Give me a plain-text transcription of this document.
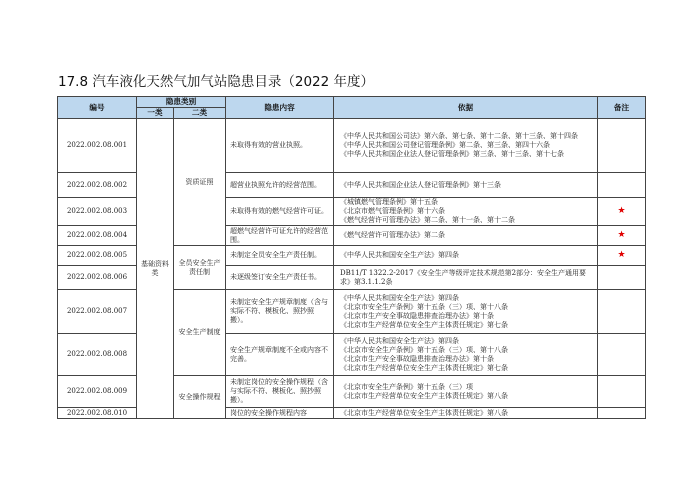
17.8 汽车液化天然气加气站隐患目录（2022 年度）
编号	隐患类别		隐患内容	依据	备注
	一类	二类			
2022.002.08.001	基础资料类	资质证照	未取得有效的营业执照。	《中华人民共和国公司法》第六条、第七条、第十二条、第十三条、第十四条
《中华人民共和国公司登记管理条例》第二条、第三条、第四十六条
《中华人民共和国企业法人登记管理条例》第三条、第十三条、第十七条	

2022.002.08.002			超营业执照允许的经营范围。	《中华人民共和国企业法人登记管理条例》第十三条	

2022.002.08.003			未取得有效的燃气经营许可证。	《城镇燃气管理条例》第十五条
《北京市燃气管理条例》第十六条
《燃气经营许可管理办法》第二条、第十一条、第十二条	★
2022.002.08.004			超燃气经营许可证允许的经营范围。	《燃气经营许可管理办法》第二条	★
2022.002.08.005		全员安全生产责任制	未制定全员安全生产责任制。	《中华人民共和国安全生产法》第四条	★
2022.002.08.006			未逐级签订安全生产责任书。	DB11/T 1322.2-2017《安全生产等级评定技术规范第2部分：安全生产通用要求》第3.1.1.2条	
2022.002.08.007		安全生产制度	未制定安全生产规章制度（含与实际不符、模板化、照抄照搬）。	《中华人民共和国安全生产法》第四条
《北京市安全生产条例》第十五条（三）项、第十八条
《北京市生产安全事故隐患排查治理办法》第十条
《北京市生产经营单位安全生产主体责任规定》第七条	

2022.002.08.008			安全生产规章制度不全或内容不完善。	《中华人民共和国安全生产法》第四条
《北京市安全生产条例》第十五条（三）项、第十八条
《北京市生产安全事故隐患排查治理办法》第十条
《北京市生产经营单位安全生产主体责任规定》第七条	

2022.002.08.009		安全操作规程	未制定岗位的安全操作规程（含与实际不符、模板化、照抄照搬）。	《北京市安全生产条例》第十五条（三）项
《北京市生产经营单位安全生产主体责任规定》第八条	

2022.002.08.010			岗位的安全操作规程内容	《北京市生产经营单位安全生产主体责任规定》第八条	
